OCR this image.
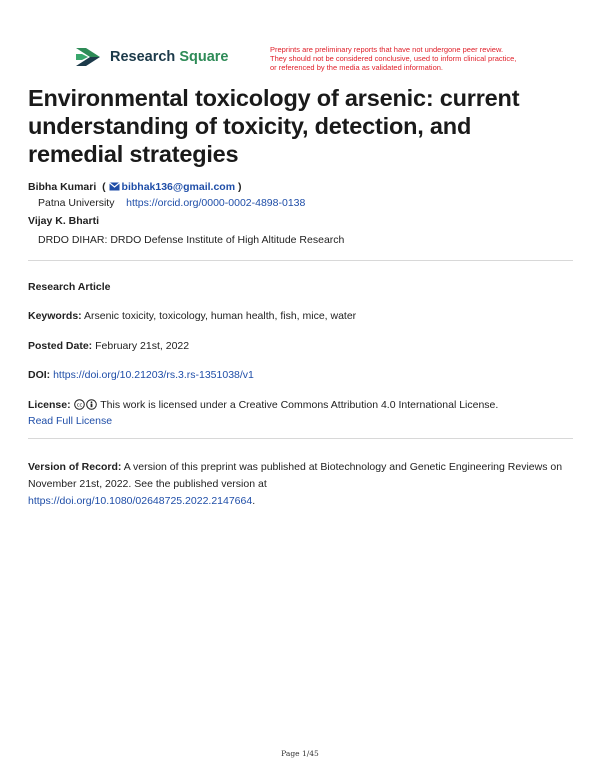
Research Square	Preprints are preliminary reports that have not undergone peer review.
They should not be considered conclusive, used to inform clinical practice,
or referenced by the media as validated information.
Environmental toxicology of arsenic: current understanding of toxicity, detection, and remedial strategies
Bibha Kumari  ( bibhak136@gmail.com )
Patna University https://orcid.org/0000-0002-4898-0138
Vijay K. Bharti
DRDO DIHAR: DRDO Defense Institute of High Altitude Research
Research Article
Keywords: Arsenic toxicity, toxicology, human health, fish, mice, water
Posted Date: February 21st, 2022
DOI: https://doi.org/10.21203/rs.3.rs-1351038/v1
License: cc This work is licensed under a Creative Commons Attribution 4.0 International License.
Read Full License
Version of Record: A version of this preprint was published at Biotechnology and Genetic Engineering Reviews on November 21st, 2022. See the published version at
https://doi.org/10.1080/02648725.2022.2147664.
Page 1/45
